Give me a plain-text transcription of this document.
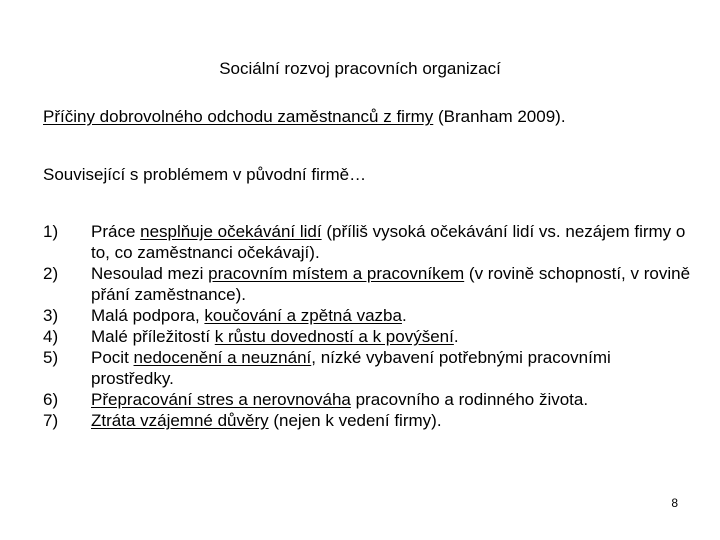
Sociální rozvoj pracovních organizací
Příčiny dobrovolného odchodu zaměstnanců z firmy (Branham 2009).
Související s problémem v původní firmě…
1)	Práce nesplňuje očekávání lidí (příliš vysoká očekávání lidí vs. nezájem firmy o to, co zaměstnanci očekávají).
2)	Nesoulad mezi pracovním místem a pracovníkem (v rovině schopností, v rovině přání zaměstnance).
3)	Malá podpora, koučování a zpětná vazba.
4)	Malé příležitostí k růstu dovedností a k povýšení.
5)	Pocit nedocenění a neuznání, nízké vybavení potřebnými pracovními prostředky.
6)	Přepracování stres a nerovnováha pracovního a rodinného života.
7)	Ztráta vzájemné důvěry (nejen k vedení firmy).
8
